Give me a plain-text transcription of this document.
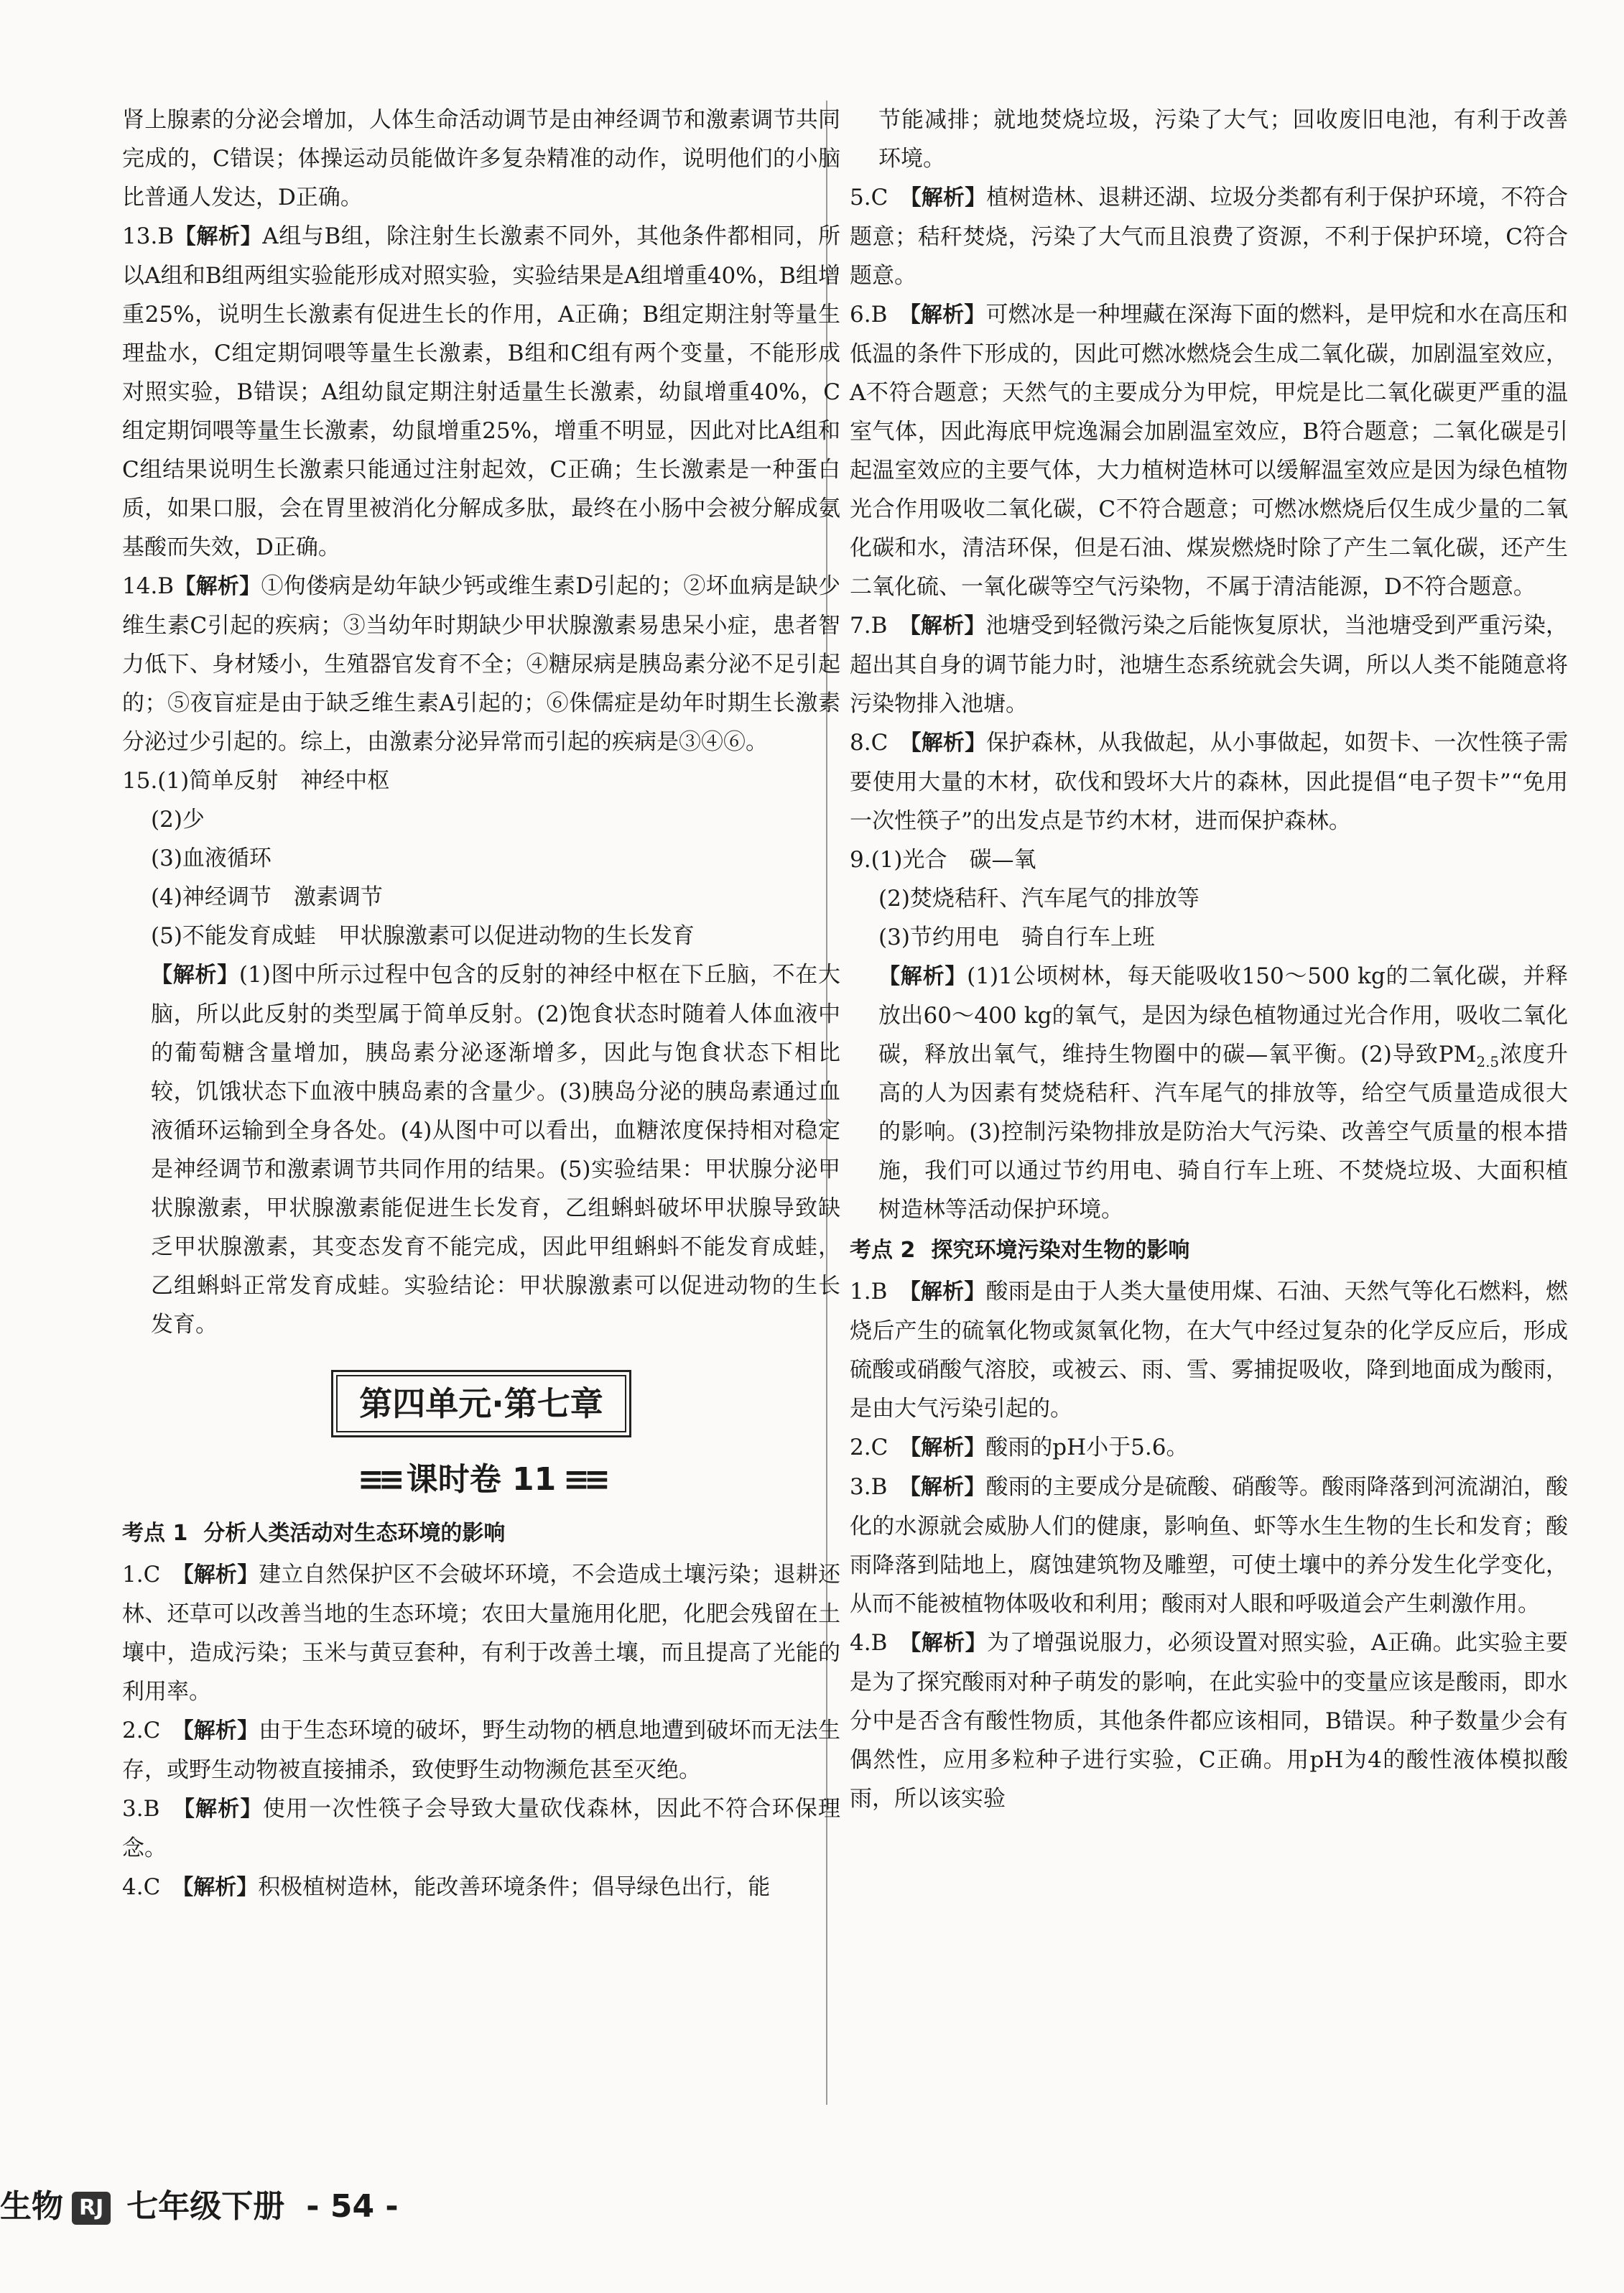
肾上腺素的分泌会增加，人体生命活动调节是由神经调节和激素调节共同完成的，C错误；体操运动员能做许多复杂精准的动作，说明他们的小脑比普通人发达，D正确。

13.B【解析】A组与B组，除注射生长激素不同外，其他条件都相同，所以A组和B组两组实验能形成对照实验，实验结果是A组增重40%，B组增重25%，说明生长激素有促进生长的作用，A正确；B组定期注射等量生理盐水，C组定期饲喂等量生长激素，B组和C组有两个变量，不能形成对照实验，B错误；A组幼鼠定期注射适量生长激素，幼鼠增重40%，C组定期饲喂等量生长激素，幼鼠增重25%，增重不明显，因此对比A组和C组结果说明生长激素只能通过注射起效，C正确；生长激素是一种蛋白质，如果口服，会在胃里被消化分解成多肽，最终在小肠中会被分解成氨基酸而失效，D正确。

14.B【解析】①佝偻病是幼年缺少钙或维生素D引起的；②坏血病是缺少维生素C引起的疾病；③当幼年时期缺少甲状腺激素易患呆小症，患者智力低下、身材矮小，生殖器官发育不全；④糖尿病是胰岛素分泌不足引起的；⑤夜盲症是由于缺乏维生素A引起的；⑥侏儒症是幼年时期生长激素分泌过少引起的。综上，由激素分泌异常而引起的疾病是③④⑥。

15.(1)简单反射　神经中枢

(2)少

(3)血液循环

(4)神经调节　激素调节

(5)不能发育成蛙　甲状腺激素可以促进动物的生长发育

【解析】(1)图中所示过程中包含的反射的神经中枢在下丘脑，不在大脑，所以此反射的类型属于简单反射。(2)饱食状态时随着人体血液中的葡萄糖含量增加，胰岛素分泌逐渐增多，因此与饱食状态下相比较，饥饿状态下血液中胰岛素的含量少。(3)胰岛分泌的胰岛素通过血液循环运输到全身各处。(4)从图中可以看出，血糖浓度保持相对稳定是神经调节和激素调节共同作用的结果。(5)实验结果：甲状腺分泌甲状腺激素，甲状腺激素能促进生长发育，乙组蝌蚪破坏甲状腺导致缺乏甲状腺激素，其变态发育不能完成，因此甲组蝌蚪不能发育成蛙，乙组蝌蚪正常发育成蛙。实验结论：甲状腺激素可以促进动物的生长发育。

第四单元·第七章

≡≡ 课时卷 11 ≡≡

考点 1 分析人类活动对生态环境的影响

1.C　 【解析】建立自然保护区不会破坏环境，不会造成土壤污染；退耕还林、还草可以改善当地的生态环境；农田大量施用化肥，化肥会残留在土壤中，造成污染；玉米与黄豆套种，有利于改善土壤，而且提高了光能的利用率。

2.C　 【解析】由于生态环境的破坏，野生动物的栖息地遭到破坏而无法生存，或野生动物被直接捕杀，致使野生动物濒危甚至灭绝。

3.B　 【解析】使用一次性筷子会导致大量砍伐森林，因此不符合环保理念。

4.C　 【解析】积极植树造林，能改善环境条件；倡导绿色出行，能

节能减排；就地焚烧垃圾，污染了大气；回收废旧电池，有利于改善环境。

5.C　 【解析】植树造林、退耕还湖、垃圾分类都有利于保护环境，不符合题意；秸秆焚烧，污染了大气而且浪费了资源，不利于保护环境，C符合题意。

6.B　 【解析】可燃冰是一种埋藏在深海下面的燃料，是甲烷和水在高压和低温的条件下形成的，因此可燃冰燃烧会生成二氧化碳，加剧温室效应，A不符合题意；天然气的主要成分为甲烷，甲烷是比二氧化碳更严重的温室气体，因此海底甲烷逸漏会加剧温室效应，B符合题意；二氧化碳是引起温室效应的主要气体，大力植树造林可以缓解温室效应是因为绿色植物光合作用吸收二氧化碳，C不符合题意；可燃冰燃烧后仅生成少量的二氧化碳和水，清洁环保，但是石油、煤炭燃烧时除了产生二氧化碳，还产生二氧化硫、一氧化碳等空气污染物，不属于清洁能源，D不符合题意。

7.B　 【解析】池塘受到轻微污染之后能恢复原状，当池塘受到严重污染，超出其自身的调节能力时，池塘生态系统就会失调，所以人类不能随意将污染物排入池塘。

8.C　 【解析】保护森林，从我做起，从小事做起，如贺卡、一次性筷子需要使用大量的木材，砍伐和毁坏大片的森林，因此提倡“电子贺卡”“免用一次性筷子”的出发点是节约木材，进而保护森林。

9.(1)光合　碳—氧

(2)焚烧秸秆、汽车尾气的排放等

(3)节约用电　骑自行车上班

【解析】(1)1公顷树林，每天能吸收150～500 kg的二氧化碳，并释放出60～400 kg的氧气，是因为绿色植物通过光合作用，吸收二氧化碳，释放出氧气，维持生物圈中的碳—氧平衡。(2)导致$PM_{2.5}$浓度升高的人为因素有焚烧秸秆、汽车尾气的排放等，给空气质量造成很大的影响。(3)控制污染物排放是防治大气污染、改善空气质量的根本措施，我们可以通过节约用电、骑自行车上班、不焚烧垃圾、大面积植树造林等活动保护环境。

考点 2 探究环境污染对生物的影响

1.B　 【解析】酸雨是由于人类大量使用煤、石油、天然气等化石燃料，燃烧后产生的硫氧化物或氮氧化物，在大气中经过复杂的化学反应后，形成硫酸或硝酸气溶胶，或被云、雨、雪、雾捕捉吸收，降到地面成为酸雨，是由大气污染引起的。

2.C　 【解析】酸雨的pH小于5.6。

3.B　 【解析】酸雨的主要成分是硫酸、硝酸等。酸雨降落到河流湖泊，酸化的水源就会威胁人们的健康，影响鱼、虾等水生生物的生长和发育；酸雨降落到陆地上，腐蚀建筑物及雕塑，可使土壤中的养分发生化学变化，从而不能被植物体吸收和利用；酸雨对人眼和呼吸道会产生刺激作用。

4.B　 【解析】为了增强说服力，必须设置对照实验，A正确。此实验主要是为了探究酸雨对种子萌发的影响，在此实验中的变量应该是酸雨，即水分中是否含有酸性物质，其他条件都应该相同，B错误。种子数量少会有偶然性，应用多粒种子进行实验，C正确。用pH为4的酸性液体模拟酸雨，所以该实验

生物 RJ 七年级下册 - 54 -
